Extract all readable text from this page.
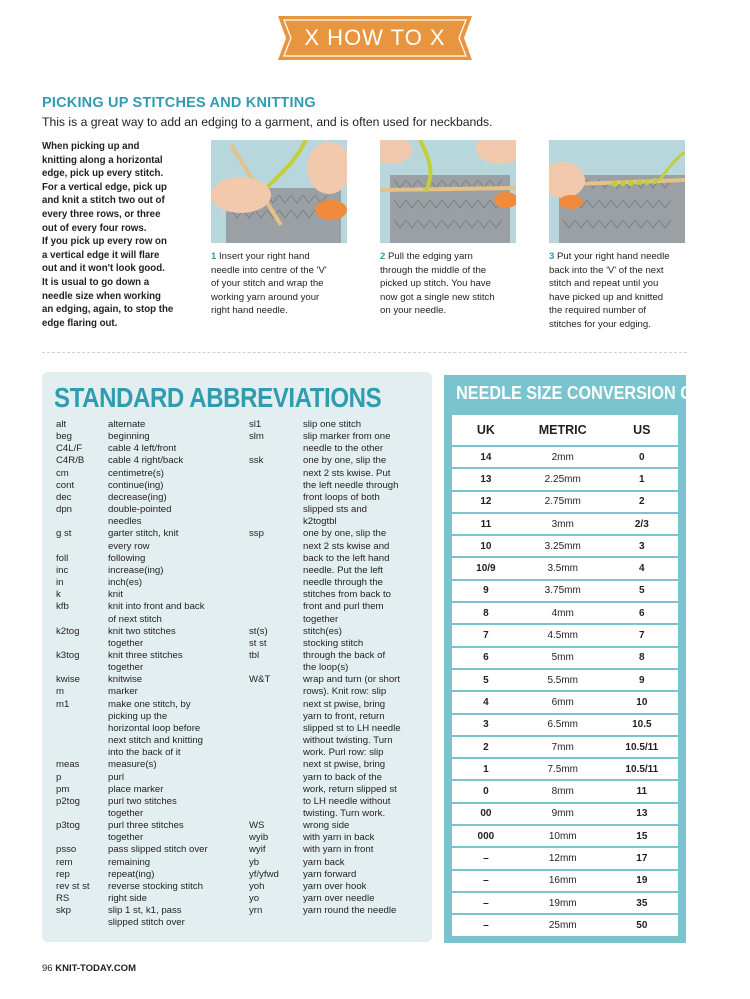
X HOW TO X
PICKING UP STITCHES AND KNITTING

This is a great way to add an edging to a garment, and is often used for neckbands.

When picking up and
knitting along a horizontal
edge, pick up every stitch.
For a vertical edge, pick up
and knit a stitch two out of
every three rows, or three
out of every four rows.
If you pick up every row on
a vertical edge it will flare
out and it won't look good.
It is usual to go down a
needle size when working
an edging, again, to stop the
edge flaring out.

1 Insert your right hand
needle into centre of the 'V'
of your stitch and wrap the
working yarn around your
right hand needle.

2 Pull the edging yarn
through the middle of the
picked up stitch. You have
now got a single new stitch
on your needle.

3 Put your right hand needle
back into the 'V' of the next
stitch and repeat until you
have picked up and knitted
the required number of
stitches for your edging.

STANDARD ABBREVIATIONS
alt	alternate
beg	beginning
C4L/F	cable 4 left/front
C4R/B	cable 4 right/back
cm	centimetre(s)
cont	continue(ing)
dec	decrease(ing)
dpn	double-pointed
needles
g st	garter stitch, knit
every row
foll	following
inc	increase(ing)
in	inch(es)
k	knit
kfb	knit into front and back
of next stitch
k2tog	knit two stitches
together
k3tog	knit three stitches
together
kwise	knitwise
m	marker
m1	make one stitch, by
picking up the
horizontal loop before
next stitch and knitting
into the back of it
meas	measure(s)
p	purl
pm	place marker
p2tog	purl two stitches
together
p3tog	purl three stitches
together
psso	pass slipped stitch over
rem	remaining
rep	repeat(ing)
rev st st	reverse stocking stitch
RS	right side
skp	slip 1 st, k1, pass
slipped stitch over
sl1	slip one stitch
slm	slip marker from one
needle to the other
ssk	one by one, slip the
next 2 sts kwise. Put
the left needle through
front loops of both
slipped sts and
k2togtbl
ssp	one by one, slip the
next 2 sts kwise and
back to the left hand
needle. Put the left
needle through the
stitches from back to
front and purl them
together
st(s)	stitch(es)
st st	stocking stitch
tbl	through the back of
the loop(s)
W&T	wrap and turn (or short
rows). Knit row: slip
next st pwise, bring
yarn to front, return
slipped st to LH needle
without twisting. Turn
work. Purl row: slip
next st pwise, bring
yarn to back of the
work, return slipped st
to LH needle without
twisting. Turn work.
WS	wrong side
wyib	with yarn in back
wyif	with yarn in front
yb	yarn back
yf/yfwd	yarn forward
yoh	yarn over hook
yo	yarn over needle
yrn	yarn round the needle
NEEDLE SIZE CONVERSION CHART
UK	METRIC	US
14	2mm	0
13	2.25mm	1
12	2.75mm	2
11	3mm	2/3
10	3.25mm	3
10/9	3.5mm	4
9	3.75mm	5
8	4mm	6
7	4.5mm	7
6	5mm	8
5	5.5mm	9
4	6mm	10
3	6.5mm	10.5
2	7mm	10.5/11
1	7.5mm	10.5/11
0	8mm	11
00	9mm	13
000	10mm	15
–	12mm	17
–	16mm	19
–	19mm	35
–	25mm	50

96 KNIT-TODAY.COM
